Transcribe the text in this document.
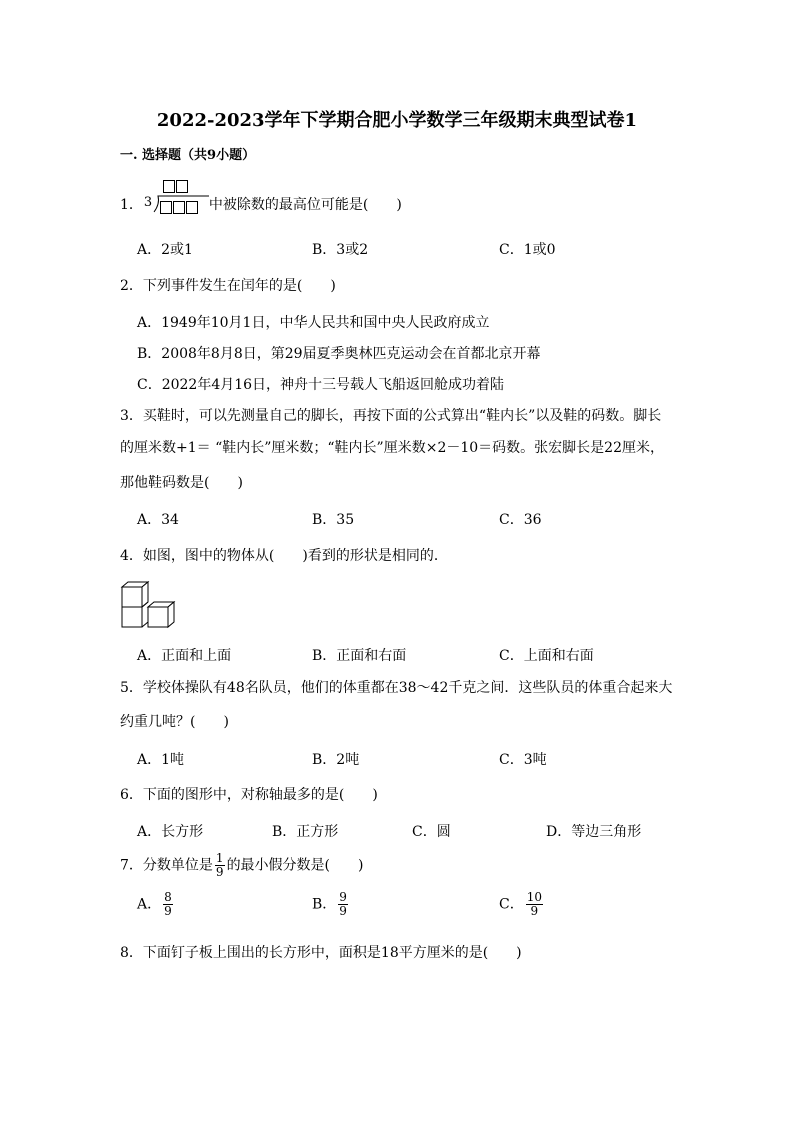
2022-2023学年下学期合肥小学数学三年级期末典型试卷1
一. 选择题（共9小题）
1． 3	中被除数的最高位可能是(　　)
A．2或1	B．3或2	C．1或0
2．下列事件发生在闰年的是(　　)
A．1949年10月1日，中华人民共和国中央人民政府成立
B．2008年8月8日，第29届夏季奥林匹克运动会在首都北京开幕
C．2022年4月16日，神舟十三号载人飞船返回舱成功着陆
3．买鞋时，可以先测量自己的脚长，再按下面的公式算出“鞋内长”以及鞋的码数。脚长
的厘米数+1＝ “鞋内长”厘米数；“鞋内长”厘米数×2－10＝码数。张宏脚长是22厘米，
那他鞋码数是(　　)
A．34	B．35	C．36
4．如图，图中的物体从(　　)看到的形状是相同的．
A．正面和上面	B．正面和右面	C．上面和右面
5．学校体操队有48名队员，他们的体重都在38～42千克之间．这些队员的体重合起来大
约重几吨？(　　)
A．1吨	B．2吨	C．3吨
6．下面的图形中，对称轴最多的是(　　)
A．长方形	B．正方形	C．圆	D．等边三角形
7．分数单位是 $\frac{1}{9}$ 的最小假分数是(　　)
A． $\frac{8}{9}$	B． $\frac{9}{9}$	C． $\frac{10}{9}$
8．下面钉子板上围出的长方形中，面积是18平方厘米的是(　　)
